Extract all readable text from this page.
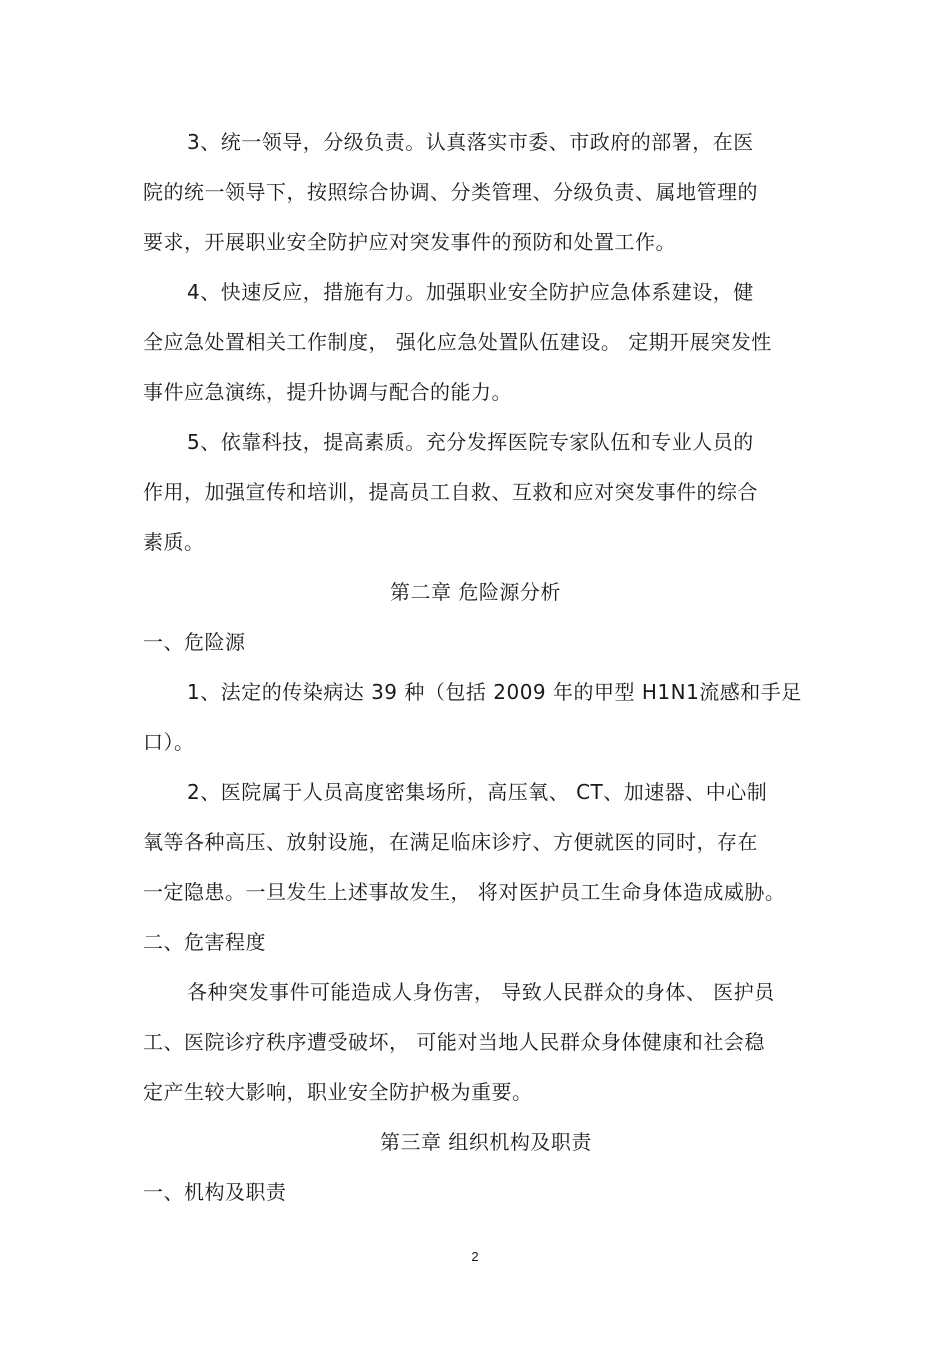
3、统一领导，分级负责。认真落实市委、市政府的部署，在医
院的统一领导下，按照综合协调、分类管理、分级负责、属地管理的
要求，开展职业安全防护应对突发事件的预防和处置工作。
4、快速反应，措施有力。加强职业安全防护应急体系建设，健
全应急处置相关工作制度， 强化应急处置队伍建设。 定期开展突发性
事件应急演练，提升协调与配合的能力。
5、依靠科技，提高素质。充分发挥医院专家队伍和专业人员的
作用，加强宣传和培训，提高员工自救、互救和应对突发事件的综合
素质。
第二章 危险源分析
一、危险源
1、法定的传染病达 39 种（包括 2009 年的甲型 H1N1流感和手足
口）。
2、医院属于人员高度密集场所，高压氧、 CT、加速器、中心制
氧等各种高压、放射设施，在满足临床诊疗、方便就医的同时，存在
一定隐患。一旦发生上述事故发生， 将对医护员工生命身体造成威胁。
二、危害程度
各种突发事件可能造成人身伤害， 导致人民群众的身体、 医护员
工、医院诊疗秩序遭受破坏， 可能对当地人民群众身体健康和社会稳
定产生较大影响，职业安全防护极为重要。
第三章 组织机构及职责
一、机构及职责
2
